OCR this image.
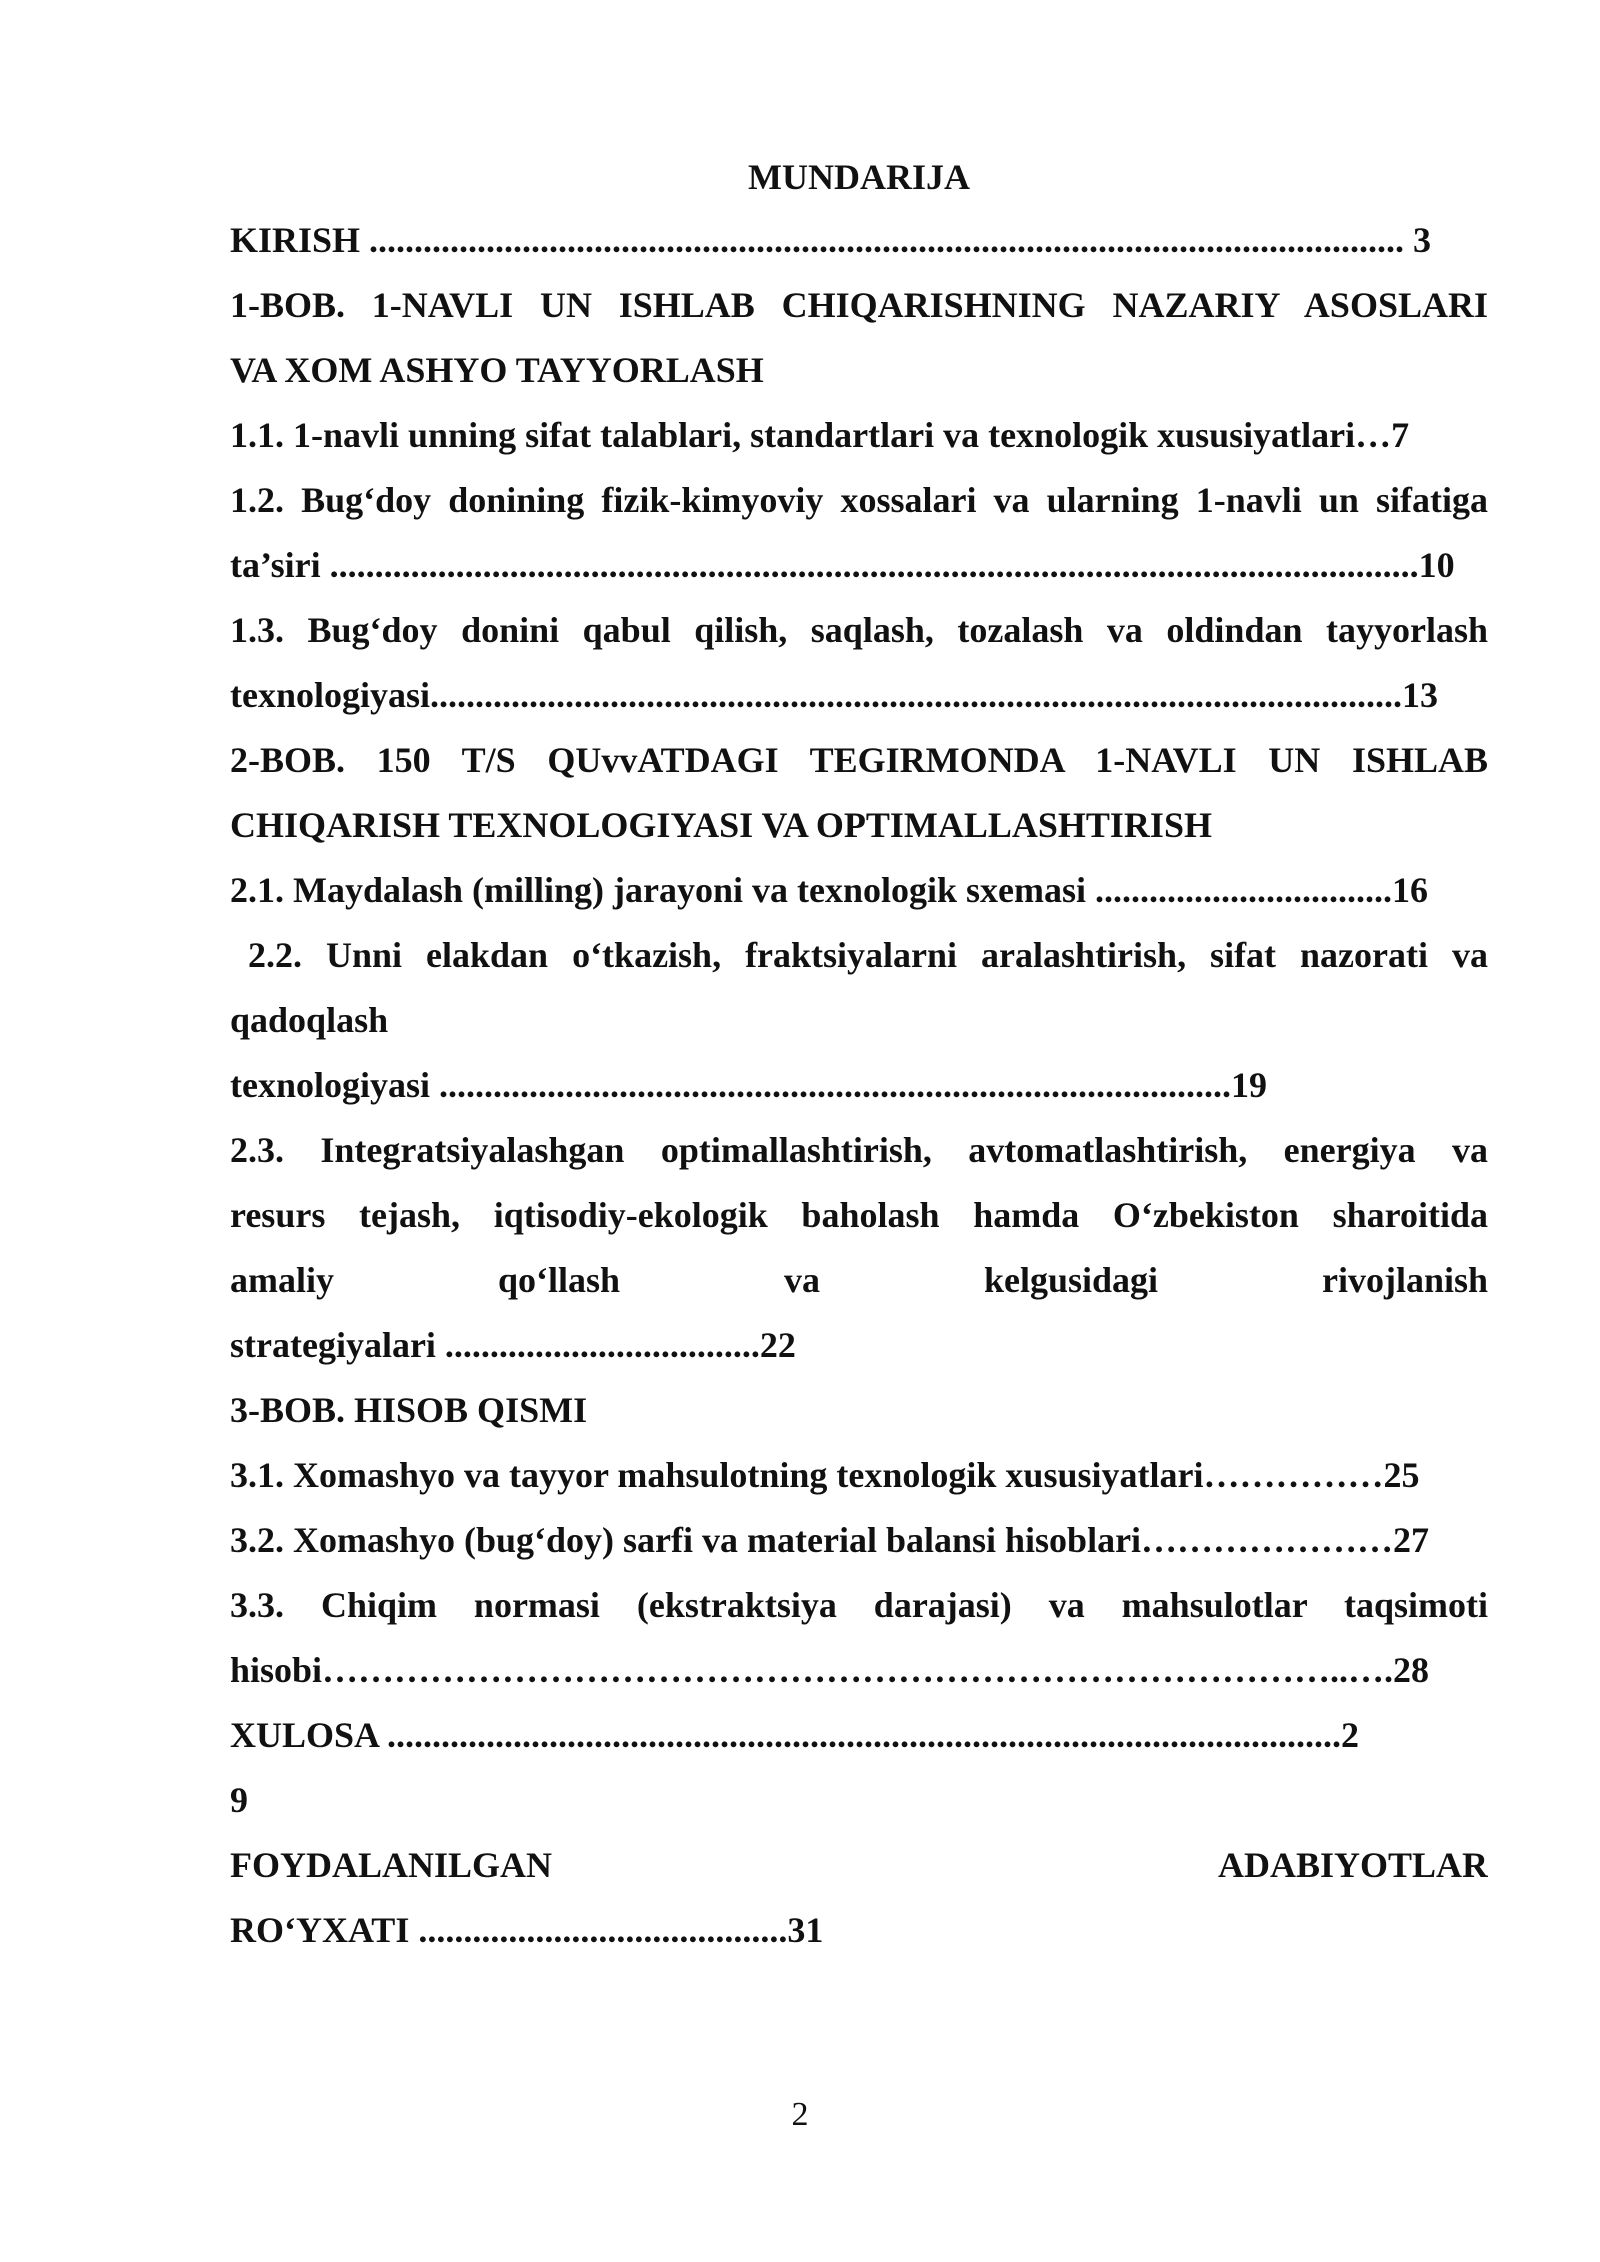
MUNDARIJA
KIRISH ................................................................................................................... 3
1-BOB. 1-NAVLI UN ISHLAB CHIQARISHNING NAZARIY ASOSLARI
VA XOM ASHYO TAYYORLASH
1.1. 1-navli unning sifat talablari, standartlari va texnologik xususiyatlari…7
1.2. Bug‘doy donining fizik-kimyoviy xossalari va ularning 1-navli un sifatiga
ta’siri .........................................................................................................................10
1.3. Bug‘doy donini qabul qilish, saqlash, tozalash va oldindan tayyorlash
texnologiyasi............................................................................................................13
2-BOB. 150 T/S QUvvATDAGI TEGIRMONDA 1-NAVLI UN ISHLAB
CHIQARISH TEXNOLOGIYASI VA OPTIMALLASHTIRISH
2.1. Maydalash (milling) jarayoni va texnologik sxemasi .................................16
2.2. Unni elakdan o‘tkazish, fraktsiyalarni aralashtirish, sifat nazorati va
qadoqlash
texnologiyasi ........................................................................................19
2.3. Integratsiyalashgan optimallashtirish, avtomatlashtirish, energiya va
resurs tejash, iqtisodiy-ekologik baholash hamda O‘zbekiston sharoitida
amaliy qo‘llash va kelgusidagi rivojlanish
strategiyalari ...................................22
3-BOB. HISOB QISMI
3.1. Xomashyo va tayyor mahsulotning texnologik xususiyatlari……………25
3.2. Xomashyo (bug‘doy) sarfi va material balansi hisoblari…………………27
3.3. Chiqim normasi (ekstraktsiya darajasi) va mahsulotlar taqsimoti
hisobi…………………………………………………………………………..….28
XULOSA ..........................................................................................................2
9
FOYDALANILGAN ADABIYOTLAR
RO‘YXATI .........................................31
2
